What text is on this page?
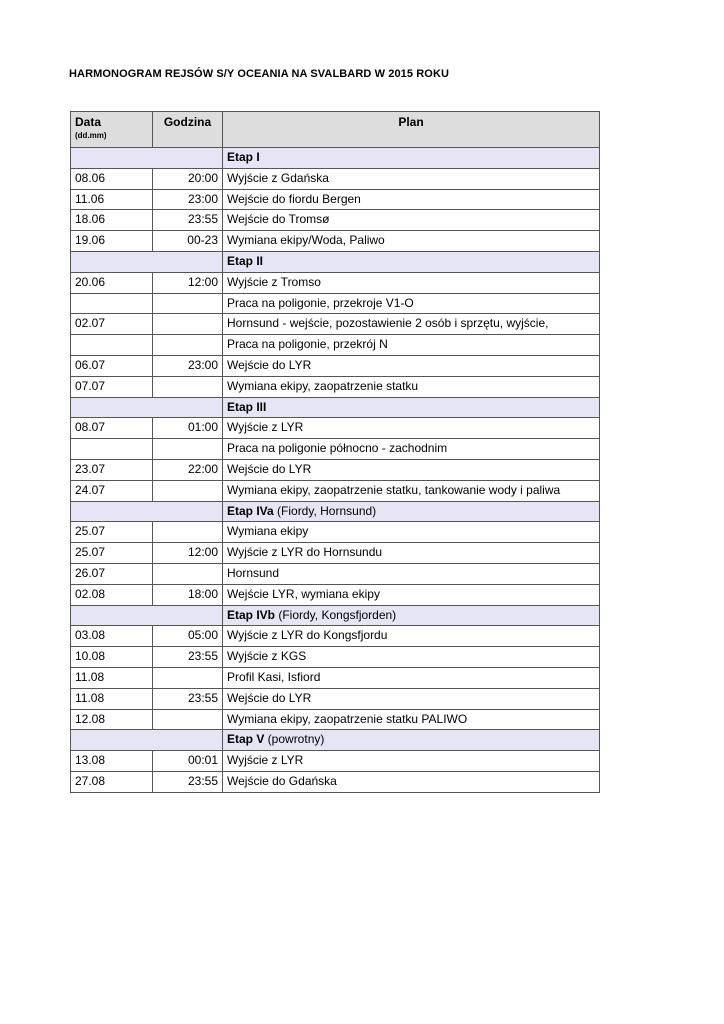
HARMONOGRAM REJSÓW S/Y OCEANIA NA SVALBARD W 2015 ROKU
Data
(dd.mm)	Godzina	Plan
		Etap I
08.06	20:00	Wyjście z Gdańska
11.06	23:00	Wejście do fiordu Bergen
18.06	23:55	Wejście do Tromsø
19.06	00-23	Wymiana ekipy/Woda, Paliwo
		Etap II
20.06	12:00	Wyjście z Tromso
		Praca na poligonie, przekroje V1-O
02.07		Hornsund - wejście, pozostawienie 2 osób i sprzętu, wyjście,
		Praca na poligonie, przekrój N
06.07	23:00	Wejście do LYR
07.07		Wymiana ekipy, zaopatrzenie statku
		Etap III
08.07	01:00	Wyjście z LYR
		Praca na poligonie północno - zachodnim
23.07	22:00	Wejście do LYR
24.07		Wymiana ekipy, zaopatrzenie statku, tankowanie wody i paliwa
		Etap IVa (Fiordy, Hornsund)
25.07		Wymiana ekipy
25.07	12:00	Wyjście z LYR do Hornsundu
26.07		Hornsund
02.08	18:00	Wejście LYR, wymiana ekipy
		Etap IVb (Fiordy, Kongsfjorden)
03.08	05:00	Wyjście z LYR do Kongsfjordu
10.08	23:55	Wyjście z KGS
11.08		Profil Kasi, Isfiord
11.08	23:55	Wejście do LYR
12.08		Wymiana ekipy, zaopatrzenie statku PALIWO
		Etap V (powrotny)
13.08	00:01	Wyjście z LYR
27.08	23:55	Wejście do Gdańska
